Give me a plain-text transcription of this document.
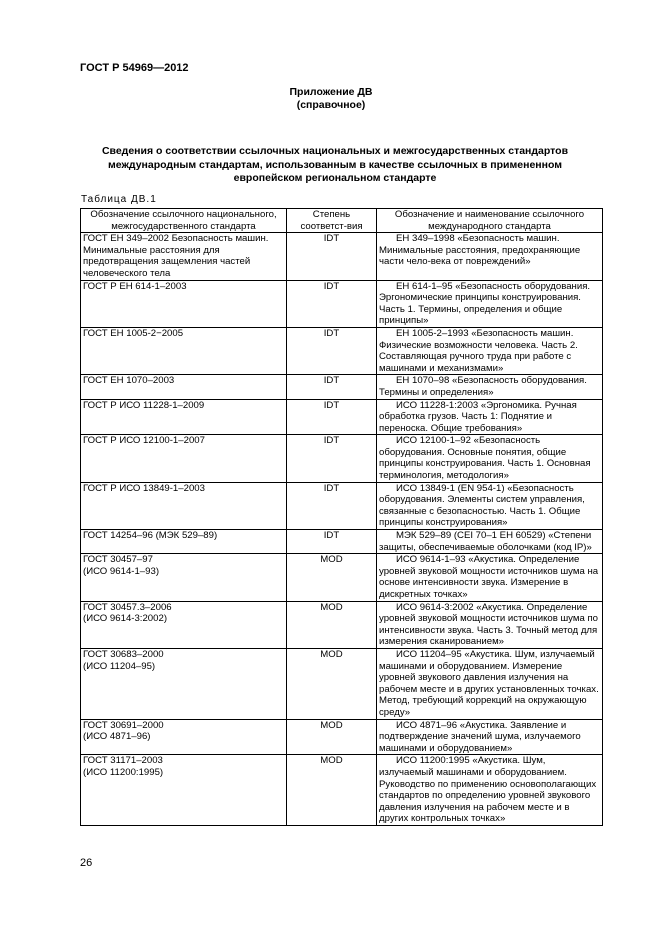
ГОСТ Р 54969—2012
Приложение ДВ
(справочное)
Сведения о соответствии ссылочных национальных и межгосударственных стандартов международным стандартам, использованным в качестве ссылочных в примененном европейском региональном стандарте
Таблица ДВ.1
Обозначение ссылочного национального, межгосударственного стандарта	Степень соответст-вия	Обозначение и наименование ссылочного международного стандарта

ГОСТ ЕН 349–2002 Безопасность машин. Минимальные расстояния для предотвращения защемления частей человеческого тела	IDT	ЕН 349–1998 «Безопасность машин. Минимальные расстояния, предохраняющие части чело-века от повреждений»

ГОСТ Р ЕН 614-1–2003	IDT	ЕН 614-1–95 «Безопасность оборудования. Эргономические принципы конструирования. Часть 1. Термины, определения и общие принципы»

ГОСТ ЕН 1005-2−2005	IDT	ЕН 1005-2–1993 «Безопасность машин. Физические возможности человека. Часть 2. Составляющая ручного труда при работе с машинами и механизмами»

ГОСТ ЕН 1070–2003	IDT	ЕН 1070–98 «Безопасность оборудования. Термины и определения»

ГОСТ Р ИСО 11228-1–2009	IDT	ИСО 11228-1:2003 «Эргономика. Ручная обработка грузов. Часть 1: Поднятие и переноска. Общие требования»

ГОСТ Р ИСО 12100-1–2007	IDT	ИСО 12100-1–92 «Безопасность оборудования. Основные понятия, общие принципы конструирования. Часть 1. Основная терминология, методология»

ГОСТ Р ИСО 13849-1–2003	IDT	ИСО 13849-1 (EN 954-1) «Безопасность оборудования. Элементы систем управления, связанные с безопасностью. Часть 1. Общие принципы конструирования»

ГОСТ 14254–96 (МЭК 529–89)	IDT	МЭК 529–89 (CEI 70–1 ЕН 60529) «Степени защиты, обеспечиваемые оболочками (код IP)»

ГОСТ 30457–97
(ИСО 9614-1–93)	MOD	ИСО 9614-1–93 «Акустика. Определение уровней звуковой мощности источников шума на основе интенсивности звука. Измерение в дискретных точках»

ГОСТ 30457.3–2006
(ИСО 9614-3:2002)	MOD	ИСО 9614-3:2002 «Акустика. Определение уровней звуковой мощности источников шума по интенсивности звука. Часть 3. Точный метод для измерения сканированием»

ГОСТ 30683–2000
(ИСО 11204–95)	MOD	ИСО 11204–95 «Акустика. Шум, излучаемый машинами и оборудованием. Измерение уровней звукового давления излучения на рабочем месте и в других установленных точках. Метод, требующий коррекций на окружающую среду»

ГОСТ 30691–2000
(ИСО 4871–96)	MOD	ИСО 4871–96 «Акустика. Заявление и подтверждение значений шума, излучаемого машинами и оборудованием»

ГОСТ 31171–2003
(ИСО 11200:1995)	MOD	ИСО 11200:1995 «Акустика. Шум, излучаемый машинами и оборудованием. Руководство по применению основополагающих стандартов по определению уровней звукового давления излучения на рабочем месте и в других контрольных точках»
26
